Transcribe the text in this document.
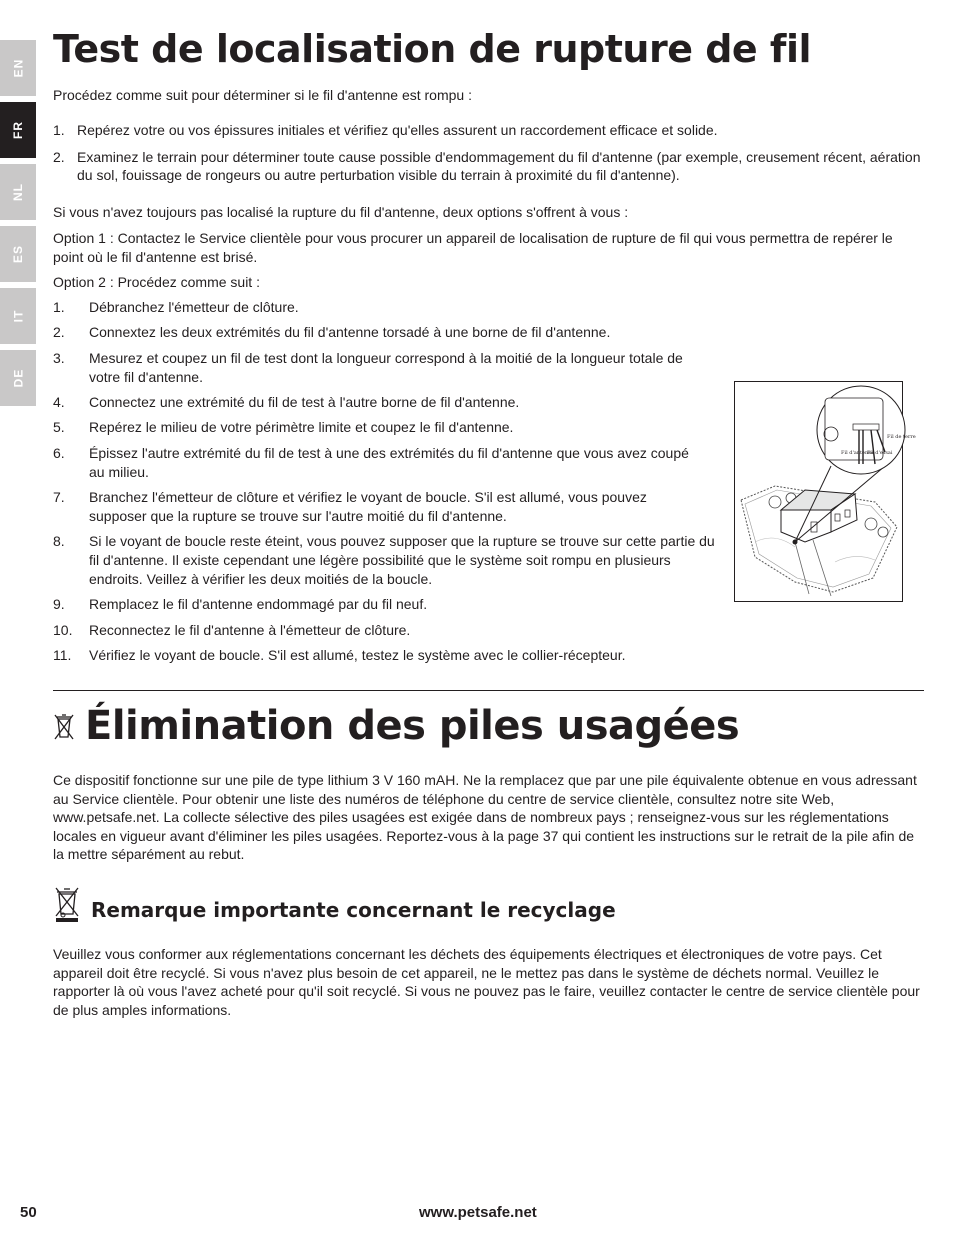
EN
FR
NL
ES
IT
DE
Test de localisation de rupture de fil

Procédez comme suit pour déterminer si le fil d'antenne est rompu :

1. Repérez votre ou vos épissures initiales et vérifiez qu'elles assurent un raccordement efficace et solide.
2. Examinez le terrain pour déterminer toute cause possible d'endommagement du fil d'antenne (par exemple, creusement récent, aération du sol, fouissage de rongeurs ou autre perturbation visible du terrain à proximité du fil d'antenne).

Si vous n'avez toujours pas localisé la rupture du fil d'antenne, deux options s'offrent à vous :

Option 1 : Contactez le Service clientèle pour vous procurer un appareil de localisation de rupture de fil qui vous permettra de repérer le point où le fil d'antenne est brisé.

Option 2 : Procédez comme suit :

1.	Débranchez l'émetteur de clôture.
2.	Connextez les deux extrémités du fil d'antenne torsadé à une borne de fil d'antenne.
3.	Mesurez et coupez un fil de test dont la longueur correspond à la moitié de la longueur totale de votre fil d'antenne.
4.	Connectez une extrémité du fil de test à l'autre borne de fil d'antenne.
5.	Repérez le milieu de votre périmètre limite et coupez le fil d'antenne.
6.	Épissez l'autre extrémité du fil de test à une des extrémités du fil d'antenne que vous avez coupé au milieu.
7.	Branchez l'émetteur de clôture et vérifiez le voyant de boucle. S'il est allumé, vous pouvez supposer que la rupture se trouve sur l'autre moitié du fil d'antenne.
8.	Si le voyant de boucle reste éteint, vous pouvez supposer que la rupture se trouve sur cette partie du fil d'antenne. Il existe cependant une légère possibilité que le système soit rompu en plusieurs endroits. Veillez à vérifier les deux moitiés de la boucle.
9.	Remplacez le fil d'antenne endommagé par du fil neuf.
10.	Reconnectez le fil d'antenne à l'émetteur de clôture.
11.	Vérifiez le voyant de boucle. S'il est allumé, testez le système avec le collier-récepteur.
Fil de terre
Fil d'antenne
Fil d'essai
Élimination des piles usagées

Ce dispositif fonctionne sur une pile de type lithium 3 V 160 mAH. Ne la remplacez que par une pile équivalente obtenue en vous adressant au Service clientèle. Pour obtenir une liste des numéros de téléphone du centre de service clientèle, consultez notre site Web, www.petsafe.net. La collecte sélective des piles usagées est exigée dans de nombreux pays ; renseignez-vous sur les réglementations locales en vigueur avant d'éliminer les piles usagées. Reportez-vous à la page 37 qui contient les instructions sur le retrait de la pile afin de la mettre séparément au rebut.

Remarque importante concernant le recyclage

Veuillez vous conformer aux réglementations concernant les déchets des équipements électriques et électroniques de votre pays. Cet appareil doit être recyclé. Si vous n'avez plus besoin de cet appareil, ne le mettez pas dans le système de déchets normal. Veuillez le rapporter là où vous l'avez acheté pour qu'il soit recyclé. Si vous ne pouvez pas le faire, veuillez contacter le centre de service clientèle pour de plus amples informations.

50	www.petsafe.net
